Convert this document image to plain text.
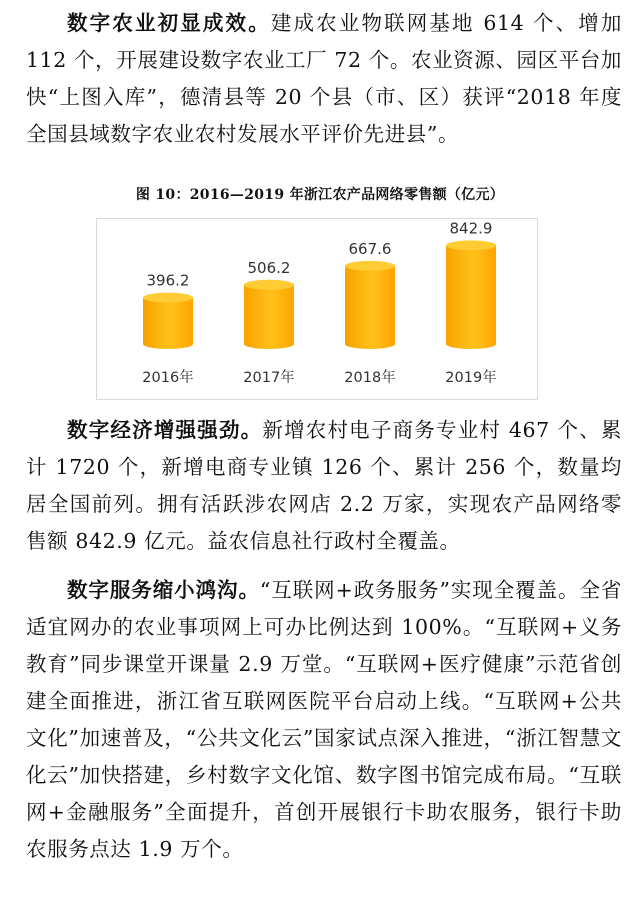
数字农业初显成效。建成农业物联网基地 614 个、增加 112 个，开展建设数字农业工厂 72 个。农业资源、园区平台加快“上图入库”，德清县等 20 个县（市、区）获评“2018 年度全国县域数字农业农村发展水平评价先进县”。

图 10：2016—2019 年浙江农产品网络零售额（亿元）
396.2
2016年
506.2
2017年
667.6
2018年
842.9
2019年

数字经济增强强劲。新增农村电子商务专业村 467 个、累计 1720 个，新增电商专业镇 126 个、累计 256 个，数量均居全国前列。拥有活跃涉农网店 2.2 万家，实现农产品网络零售额 842.9 亿元。益农信息社行政村全覆盖。

数字服务缩小鸿沟。“互联网+政务服务”实现全覆盖。全省适宜网办的农业事项网上可办比例达到 100%。“互联网+义务教育”同步课堂开课量 2.9 万堂。“互联网+医疗健康”示范省创建全面推进，浙江省互联网医院平台启动上线。“互联网+公共文化”加速普及，“公共文化云”国家试点深入推进，“浙江智慧文化云”加快搭建，乡村数字文化馆、数字图书馆完成布局。“互联网+金融服务”全面提升，首创开展银行卡助农服务，银行卡助农服务点达 1.9 万个。
